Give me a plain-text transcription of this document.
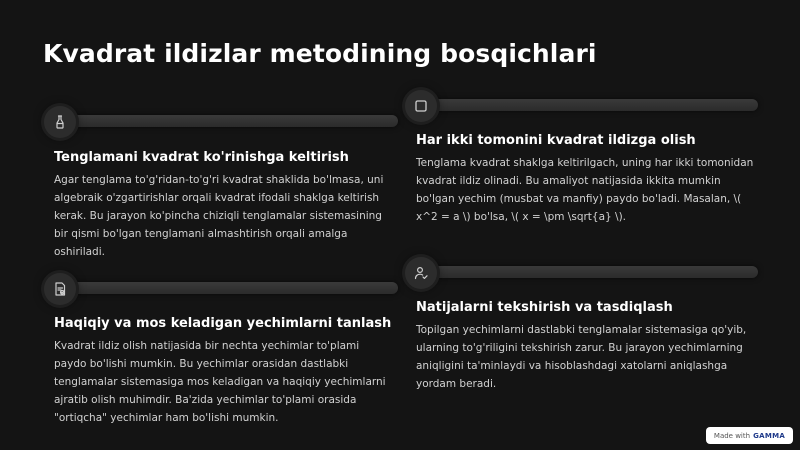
Kvadrat ildizlar metodining bosqichlari
Tenglamani kvadrat ko'rinishga keltirish
Agar tenglama to'g'ridan-to'g'ri kvadrat shaklida bo'lmasa, uni algebraik o'zgartirishlar orqali kvadrat ifodali shaklga keltirish kerak. Bu jarayon ko'pincha chiziqli tenglamalar sistemasining bir qismi bo'lgan tenglamani almashtirish orqali amalga oshiriladi.
Har ikki tomonini kvadrat ildizga olish
Tenglama kvadrat shaklga keltirilgach, uning har ikki tomonidan kvadrat ildiz olinadi. Bu amaliyot natijasida ikkita mumkin bo'lgan yechim (musbat va manfiy) paydo bo'ladi. Masalan, \( x^2 = a \) bo'lsa, \( x = \pm \sqrt{a} \).
Haqiqiy va mos keladigan yechimlarni tanlash
Kvadrat ildiz olish natijasida bir nechta yechimlar to'plami paydo bo'lishi mumkin. Bu yechimlar orasidan dastlabki tenglamalar sistemasiga mos keladigan va haqiqiy yechimlarni ajratib olish muhimdir. Ba'zida yechimlar to'plami orasida "ortiqcha" yechimlar ham bo'lishi mumkin.
Natijalarni tekshirish va tasdiqlash
Topilgan yechimlarni dastlabki tenglamalar sistemasiga qo'yib, ularning to'g'riligini tekshirish zarur. Bu jarayon yechimlarning aniqligini ta'minlaydi va hisoblashdagi xatolarni aniqlashga yordam beradi.
Made with GAMMA
